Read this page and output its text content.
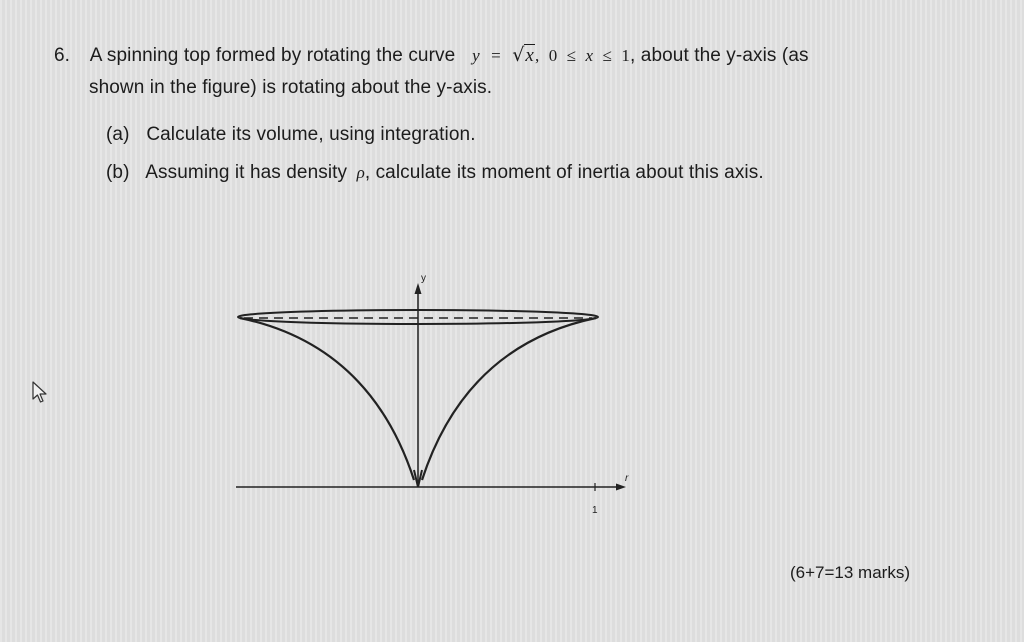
6. A spinning top formed by rotating the curve y = √x, 0 ≤ x ≤ 1, about the y-axis (as
shown in the figure) is rotating about the y-axis.
(a) Calculate its volume, using integration.
(b) Assuming it has density ρ, calculate its moment of inertia about this axis.
y
r
1
(6+7=13 marks)
